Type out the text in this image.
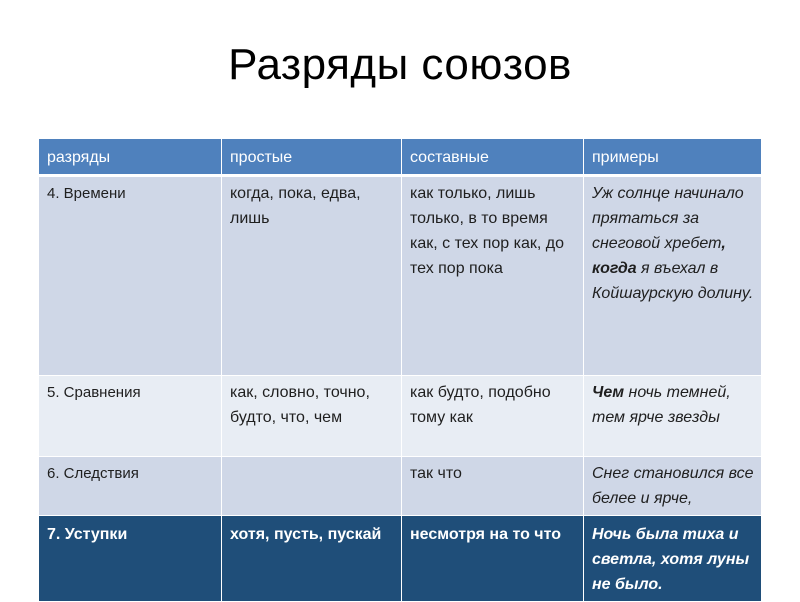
Разряды союзов
разряды	простые	составные	примеры
4. Времени	когда, пока, едва, лишь	как только, лишь только, в то время как, с тех пор как, до тех пор пока	Уж солнце начинало прятаться за снеговой хребет, когда я въехал в Койшаурскую долину.
5. Сравнения	как, словно, точно, будто, что, чем	как будто, подобно тому как	Чем ночь темней, тем ярче звезды
6. Следствия		так что	Снег становился все белее и ярче,
7. Уступки	хотя, пусть, пускай	несмотря на то что	Ночь была тиха и светла, хотя луны не было.
